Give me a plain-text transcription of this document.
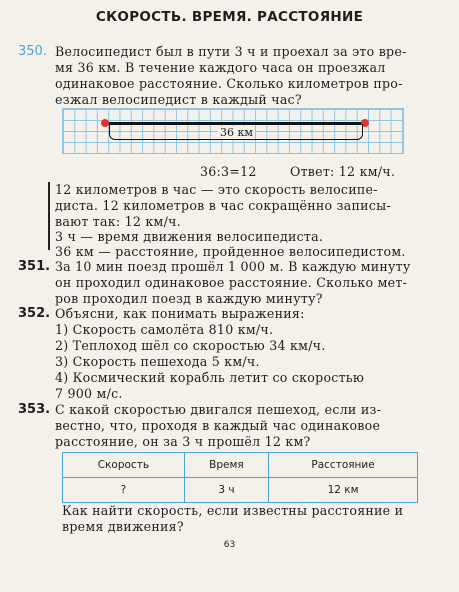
СКОРОСТЬ. ВРЕМЯ. РАССТОЯНИЕ
350. Велосипедист был в пути 3 ч и проехал за это вре-
мя 36 км. В течение каждого часа он проезжал
одинаковое расстояние. Сколько километров про-
езжал велосипедист в каждый час?
36 км
36:3=12	Ответ: 12 км/ч.
12 километров в час — это скорость велосипе-
диста. 12 километров в час сокращённо записы-
вают так: 12 км/ч.
3 ч — время движения велосипедиста.
36 км — расстояние, пройденное велосипедистом.
351. За 10 мин поезд прошёл 1 000 м. В каждую минуту
он проходил одинаковое расстояние. Сколько мет-
ров проходил поезд в каждую минуту?
352. Объясни, как понимать выражения:
1) Скорость самолёта 810 км/ч.
2) Теплоход шёл со скоростью 34 км/ч.
3) Скорость пешехода 5 км/ч.
4) Космический корабль летит со скоростью
7 900 м/с.
353. С какой скоростью двигался пешеход, если из-
вестно, что, проходя в каждый час одинаковое
расстояние, он за 3 ч прошёл 12 км?
Скорость	Время	Расстояние
?	3 ч	12 км
Как найти скорость, если известны расстояние и
время движения?
63
